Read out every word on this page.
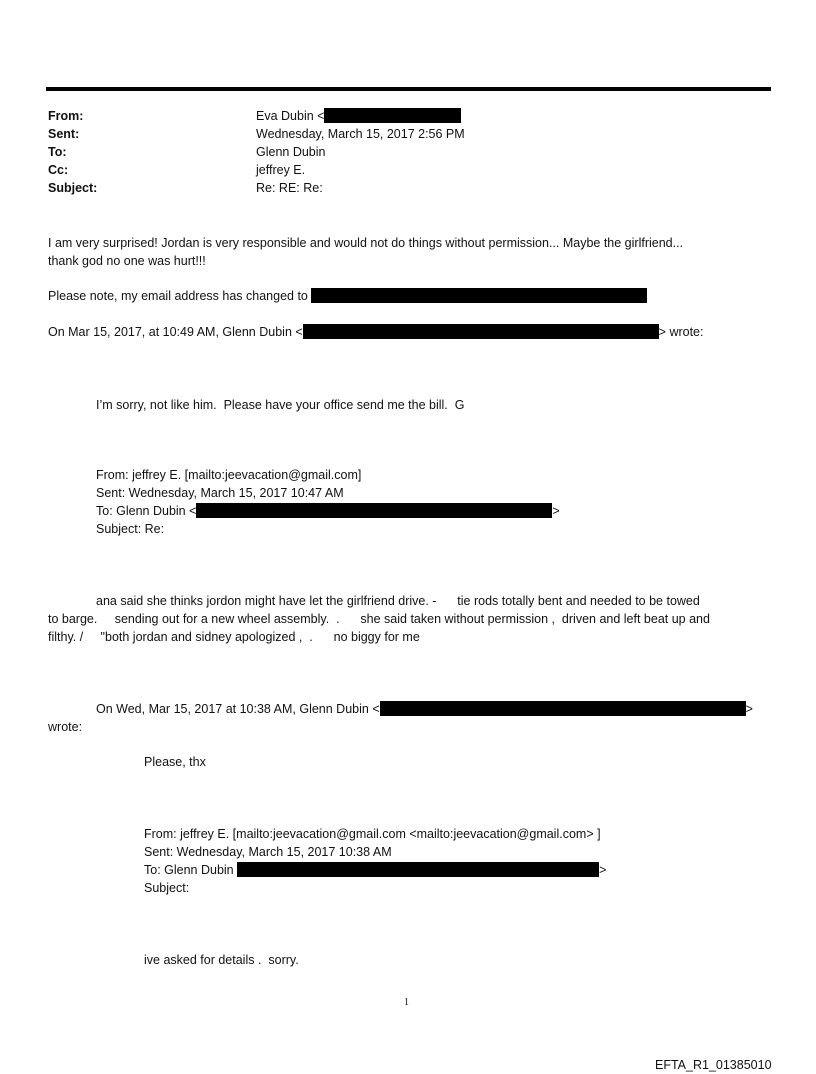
From:	Eva Dubin <
Sent:	Wednesday, March 15, 2017 2:56 PM
To:	Glenn Dubin
Cc:	jeffrey E.
Subject:	Re: RE: Re:
I am very surprised! Jordan is very responsible and would not do things without permission... Maybe the girlfriend...
thank god no one was hurt!!!
Please note, my email address has changed to
On Mar 15, 2017, at 10:49 AM, Glenn Dubin <	> wrote:
I’m sorry, not like him.  Please have your office send me the bill.  G
From: jeffrey E. [mailto:jeevacation@gmail.com]
Sent: Wednesday, March 15, 2017 10:47 AM
To: Glenn Dubin <	>
Subject: Re:
ana said she thinks jordon might have let the girlfriend drive. -      tie rods totally bent and needed to be towed
to barge.     sending out for a new wheel assembly.  .      she said taken without permission ,  driven and left beat up and
filthy. /     "both jordan and sidney apologized ,  .      no biggy for me
On Wed, Mar 15, 2017 at 10:38 AM, Glenn Dubin <	>
wrote:
Please, thx
From: jeffrey E. [mailto:jeevacation@gmail.com <mailto:jeevacation@gmail.com> ]
Sent: Wednesday, March 15, 2017 10:38 AM
To: Glenn Dubin	>
Subject:
ive asked for details .  sorry.
1
EFTA_R1_01385010
